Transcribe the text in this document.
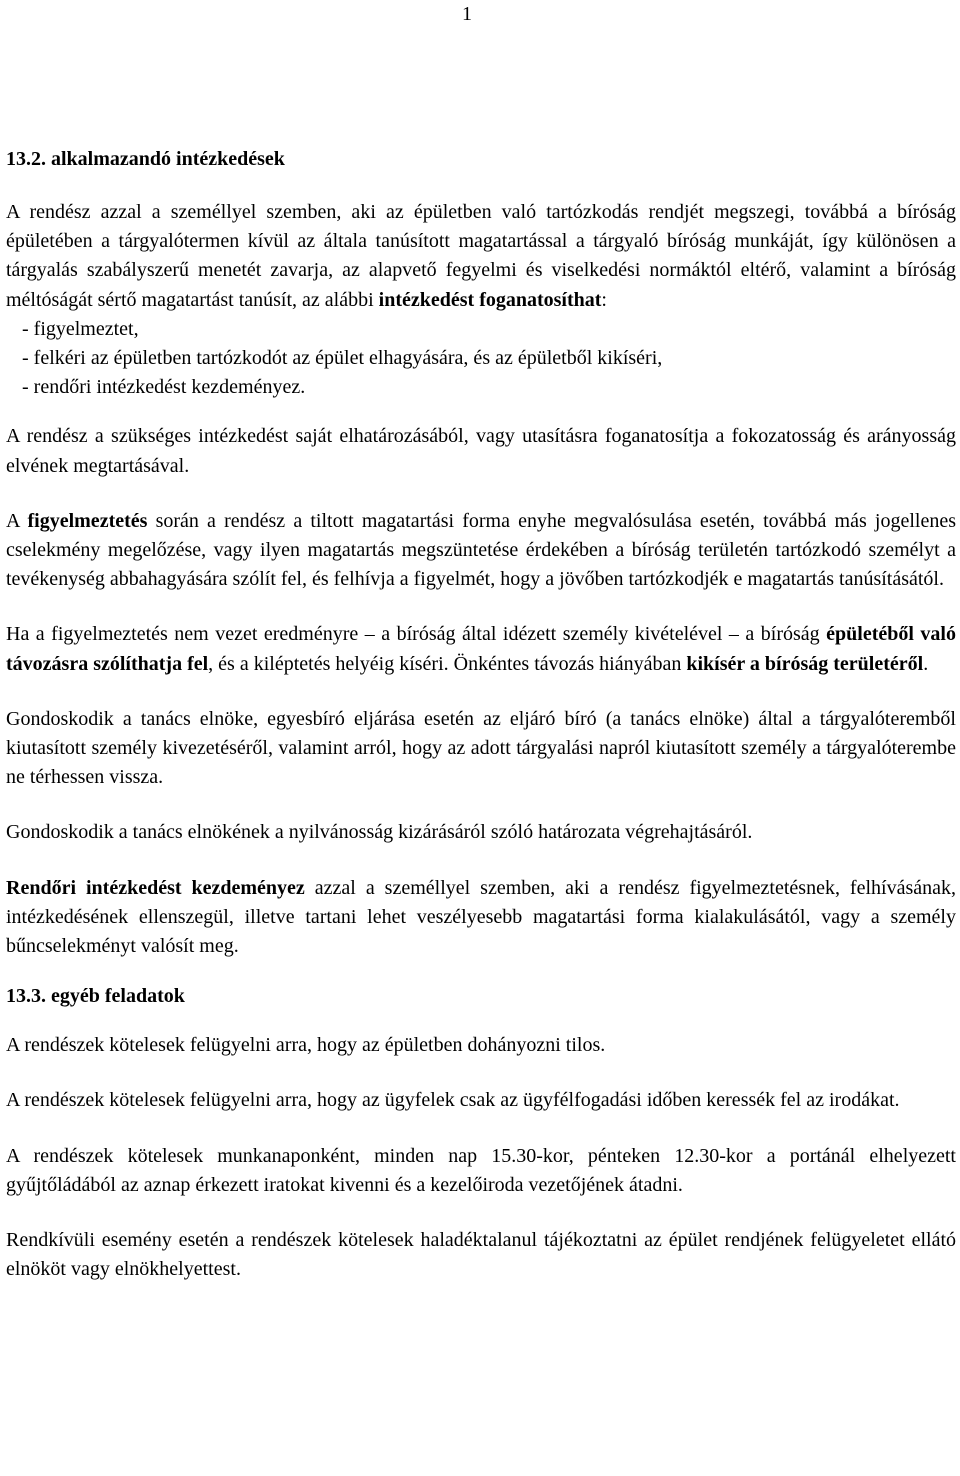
1
13.2. alkalmazandó intézkedések

A rendész azzal a személlyel szemben, aki az épületben való tartózkodás rendjét megszegi, továbbá a bíróság épületében a tárgyalótermen kívül az általa tanúsított magatartással a tárgyaló bíróság munkáját, így különösen a tárgyalás szabályszerű menetét zavarja, az alapvető fegyelmi és viselkedési normáktól eltérő, valamint a bíróság méltóságát sértő magatartást tanúsít, az alábbi intézkedést foganatosíthat:

- figyelmeztet,
- felkéri az épületben tartózkodót az épület elhagyására, és az épületből kikíséri,
- rendőri intézkedést kezdeményez.

A rendész a szükséges intézkedést saját elhatározásából, vagy utasításra foganatosítja a fokozatosság és arányosság elvének megtartásával.

A figyelmeztetés során a rendész a tiltott magatartási forma enyhe megvalósulása esetén, továbbá más jogellenes cselekmény megelőzése, vagy ilyen magatartás megszüntetése érdekében a bíróság területén tartózkodó személyt a tevékenység abbahagyására szólít fel, és felhívja a figyelmét, hogy a jövőben tartózkodjék e magatartás tanúsításától.

Ha a figyelmeztetés nem vezet eredményre – a bíróság által idézett személy kivételével – a bíróság épületéből való távozásra szólíthatja fel, és a kiléptetés helyéig kíséri. Önkéntes távozás hiányában kikísér a bíróság területéről.

Gondoskodik a tanács elnöke, egyesbíró eljárása esetén az eljáró bíró (a tanács elnöke) által a tárgyalóteremből kiutasított személy kivezetéséről, valamint arról, hogy az adott tárgyalási napról kiutasított személy a tárgyalóterembe ne térhessen vissza.

Gondoskodik a tanács elnökének a nyilvánosság kizárásáról szóló határozata végrehajtásáról.

Rendőri intézkedést kezdeményez azzal a személlyel szemben, aki a rendész figyelmeztetésnek, felhívásának, intézkedésének ellenszegül, illetve tartani lehet veszélyesebb magatartási forma kialakulásától, vagy a személy bűncselekményt valósít meg.

13.3. egyéb feladatok

A rendészek kötelesek felügyelni arra, hogy az épületben dohányozni tilos.

A rendészek kötelesek felügyelni arra, hogy az ügyfelek csak az ügyfélfogadási időben keressék fel az irodákat.

A rendészek kötelesek munkanaponként, minden nap 15.30-kor, pénteken 12.30-kor a portánál elhelyezett gyűjtőládából az aznap érkezett iratokat kivenni és a kezelőiroda vezetőjének átadni.

Rendkívüli esemény esetén a rendészek kötelesek haladéktalanul tájékoztatni az épület rendjének felügyeletet ellátó elnököt vagy elnökhelyettest.
